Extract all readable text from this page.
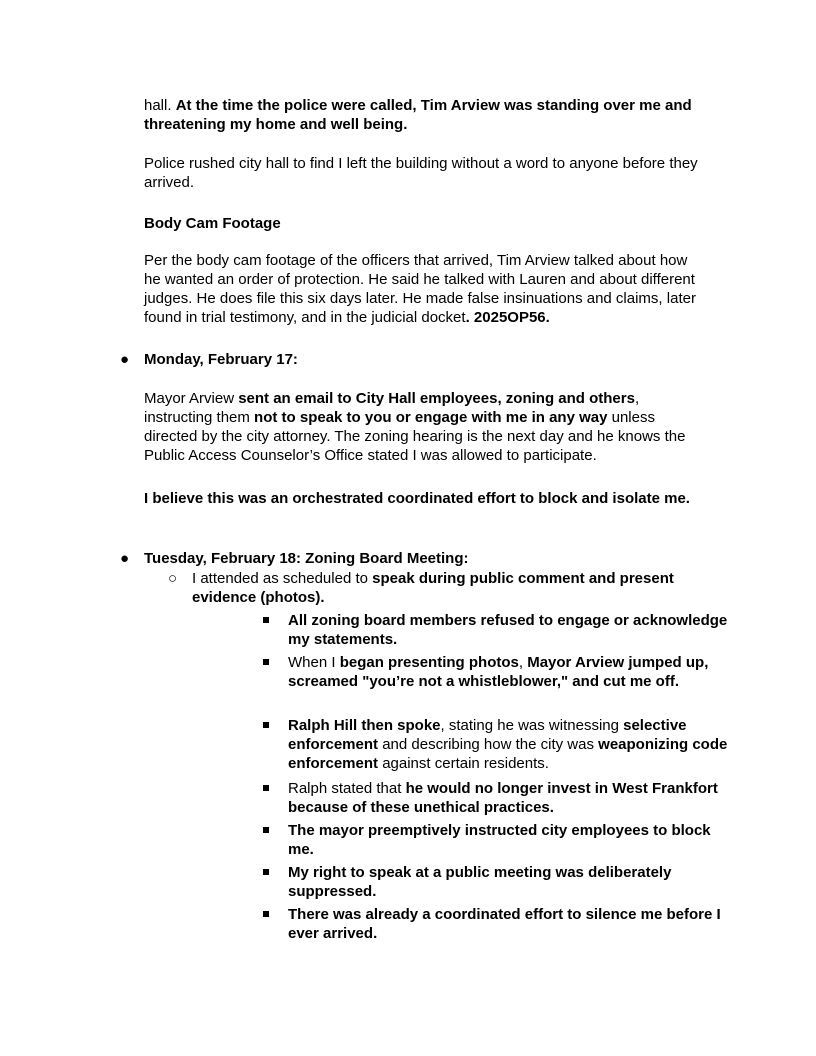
hall. At the time the police were called, Tim Arview was standing over me and threatening my home and well being.

Police rushed city hall to find I left the building without a word to anyone before they arrived.

Body Cam Footage

Per the body cam footage of the officers that arrived, Tim Arview talked about how he wanted an order of protection. He said he talked with Lauren and about different judges. He does file this six days later. He made false insinuations and claims, later found in trial testimony, and in the judicial docket. 2025OP56.

● Monday, February 17:

Mayor Arview sent an email to City Hall employees, zoning and others, instructing them not to speak to you or engage with me in any way unless directed by the city attorney. The zoning hearing is the next day and he knows the Public Access Counselor’s Office stated I was allowed to participate.

I believe this was an orchestrated coordinated effort to block and isolate me.

● Tuesday, February 18: Zoning Board Meeting:
○ I attended as scheduled to speak during public comment and present evidence (photos).
All zoning board members refused to engage or acknowledge my statements.
When I began presenting photos, Mayor Arview jumped up, screamed "you’re not a whistleblower," and cut me off.
Ralph Hill then spoke, stating he was witnessing selective enforcement and describing how the city was weaponizing code enforcement against certain residents.
Ralph stated that he would no longer invest in West Frankfort because of these unethical practices.
The mayor preemptively instructed city employees to block me.
My right to speak at a public meeting was deliberately suppressed.
There was already a coordinated effort to silence me before I ever arrived.
